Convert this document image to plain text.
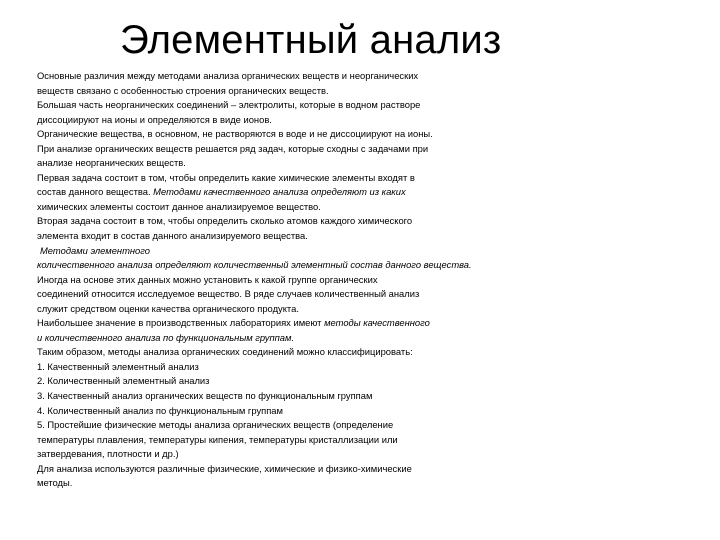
Элементный анализ
Основные различия между методами анализа органических веществ и неорганических
веществ связано с особенностью строения органических веществ.
Большая часть неорганических соединений – электролиты, которые в водном растворе
диссоциируют на ионы и определяются в виде ионов.
Органические вещества, в основном, не растворяются в воде и не диссоциируют на ионы.
При анализе органических веществ решается ряд задач, которые сходны с задачами при
анализе неорганических веществ.
Первая задача состоит в том, чтобы определить какие химические элементы входят в
состав данного вещества. Методами качественного анализа определяют из каких
химических элементы состоит данное анализируемое вещество.
Вторая задача состоит в том, чтобы определить сколько атомов каждого химического
элемента входит в состав данного анализируемого вещества.
Методами элементного
количественного анализа определяют количественный элементный состав данного вещества.
Иногда на основе этих данных можно установить к какой группе органических
соединений относится исследуемое вещество. В ряде случаев количественный анализ
служит средством оценки качества органического продукта.
Наибольшее значение в производственных лабораториях имеют методы качественного
и количественного анализа по функциональным группам.
Таким образом, методы анализа органических соединений можно классифицировать:
1. Качественный элементный анализ
2. Количественный элементный анализ
3. Качественный анализ органических веществ по функциональным группам
4. Количественный анализ по функциональным группам
5. Простейшие физические методы анализа органических веществ (определение
температуры плавления, температуры кипения, температуры кристаллизации или
затвердевания, плотности и др.)
Для анализа используются различные физические, химические и физико-химические
методы.
